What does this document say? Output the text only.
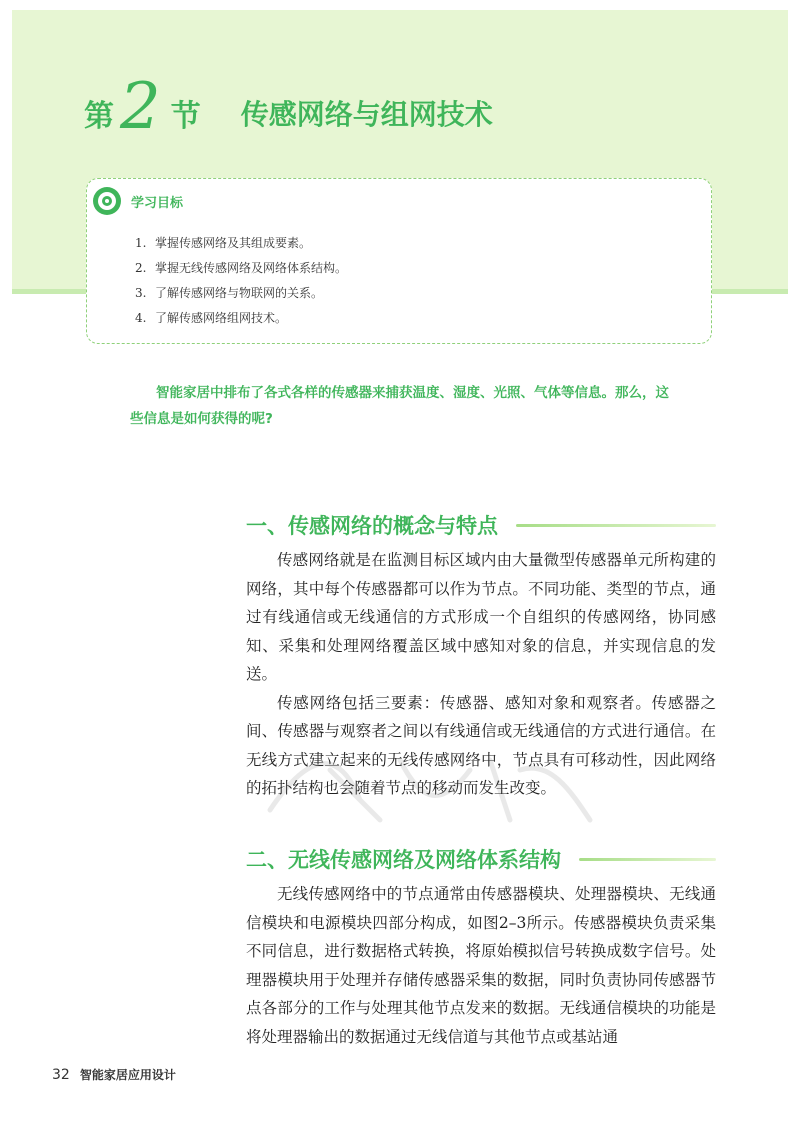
第 2 节 传感网络与组网技术
学习目标
1. 掌握传感网络及其组成要素。
2. 掌握无线传感网络及网络体系结构。
3. 了解传感网络与物联网的关系。
4. 了解传感网络组网技术。

智能家居中排布了各式各样的传感器来捕获温度、湿度、光照、气体等信息。那么，这些信息是如何获得的呢?

一、传感网络的概念与特点

传感网络就是在监测目标区域内由大量微型传感器单元所构建的网络，其中每个传感器都可以作为节点。不同功能、类型的节点，通过有线通信或无线通信的方式形成一个自组织的传感网络，协同感知、采集和处理网络覆盖区域中感知对象的信息，并实现信息的发送。

传感网络包括三要素：传感器、感知对象和观察者。传感器之间、传感器与观察者之间以有线通信或无线通信的方式进行通信。在无线方式建立起来的无线传感网络中，节点具有可移动性，因此网络的拓扑结构也会随着节点的移动而发生改变。

二、无线传感网络及网络体系结构

无线传感网络中的节点通常由传感器模块、处理器模块、无线通信模块和电源模块四部分构成，如图2–3所示。传感器模块负责采集不同信息，进行数据格式转换，将原始模拟信号转换成数字信号。处理器模块用于处理并存储传感器采集的数据，同时负责协同传感器节点各部分的工作与处理其他节点发来的数据。无线通信模块的功能是将处理器输出的数据通过无线信道与其他节点或基站通

32 智能家居应用设计
